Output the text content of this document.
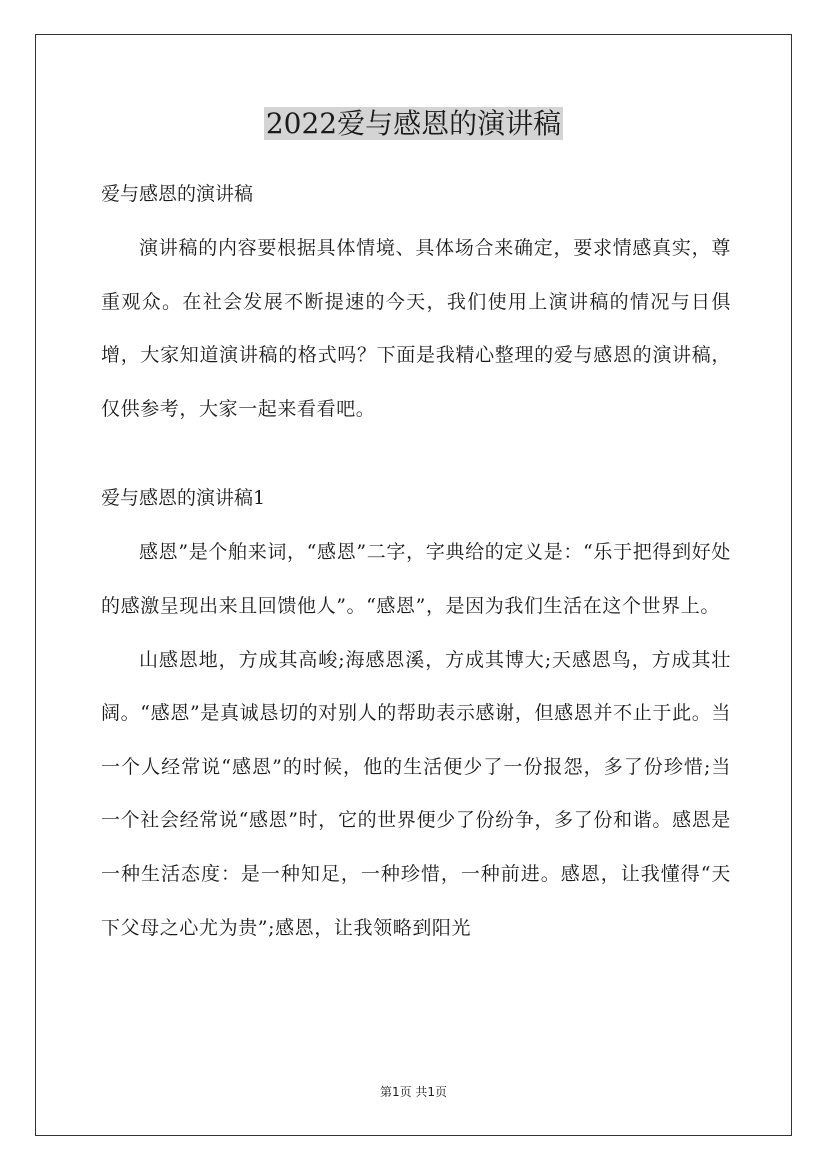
2022爱与感恩的演讲稿
爱与感恩的演讲稿

演讲稿的内容要根据具体情境、具体场合来确定，要求情感真实，尊重观众。在社会发展不断提速的今天，我们使用上演讲稿的情况与日俱增，大家知道演讲稿的格式吗？下面是我精心整理的爱与感恩的演讲稿，仅供参考，大家一起来看看吧。

爱与感恩的演讲稿1

感恩”是个舶来词，“感恩”二字，字典给的定义是：“乐于把得到好处的感激呈现出来且回馈他人”。“感恩”，是因为我们生活在这个世界上。

山感恩地，方成其高峻;海感恩溪，方成其博大;天感恩鸟，方成其壮阔。“感恩”是真诚恳切的对别人的帮助表示感谢，但感恩并不止于此。当一个人经常说“感恩”的时候，他的生活便少了一份报怨，多了份珍惜;当一个社会经常说“感恩”时，它的世界便少了份纷争，多了份和谐。感恩是一种生活态度：是一种知足，一种珍惜，一种前进。感恩，让我懂得“天下父母之心尤为贵”;感恩，让我领略到阳光

第1页 共1页
